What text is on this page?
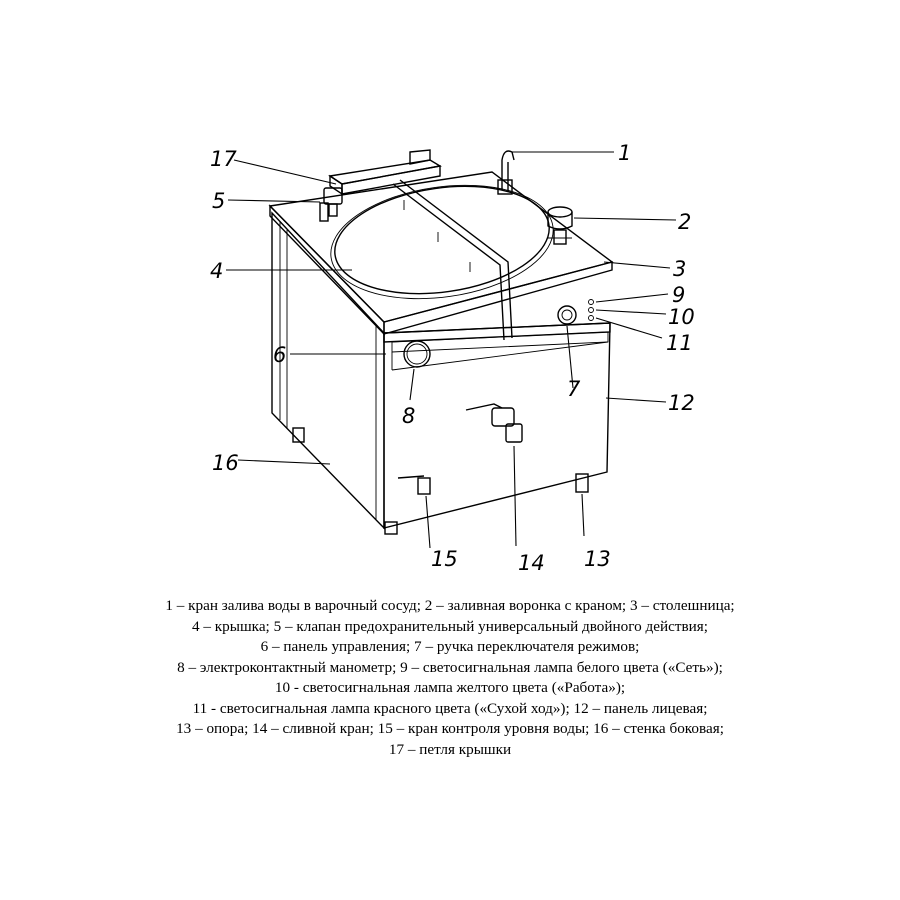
1
2
3
4
5
6
7
8
9
10
11
12
13
14
15
16
17
1 – кран залива воды в варочный сосуд; 2 – заливная воронка с краном; 3 – столешница;
4 – крышка; 5 – клапан предохранительный универсальный двойного действия;
6 – панель управления; 7 – ручка переключателя режимов;
8 – электроконтактный манометр; 9 – светосигнальная лампа белого цвета («Сеть»);
10 - светосигнальная лампа желтого цвета («Работа»);
11 - светосигнальная лампа красного цвета («Сухой ход»); 12 – панель лицевая;
13 – опора; 14 – сливной кран; 15 – кран контроля уровня воды; 16 – стенка боковая;
17 – петля крышки
